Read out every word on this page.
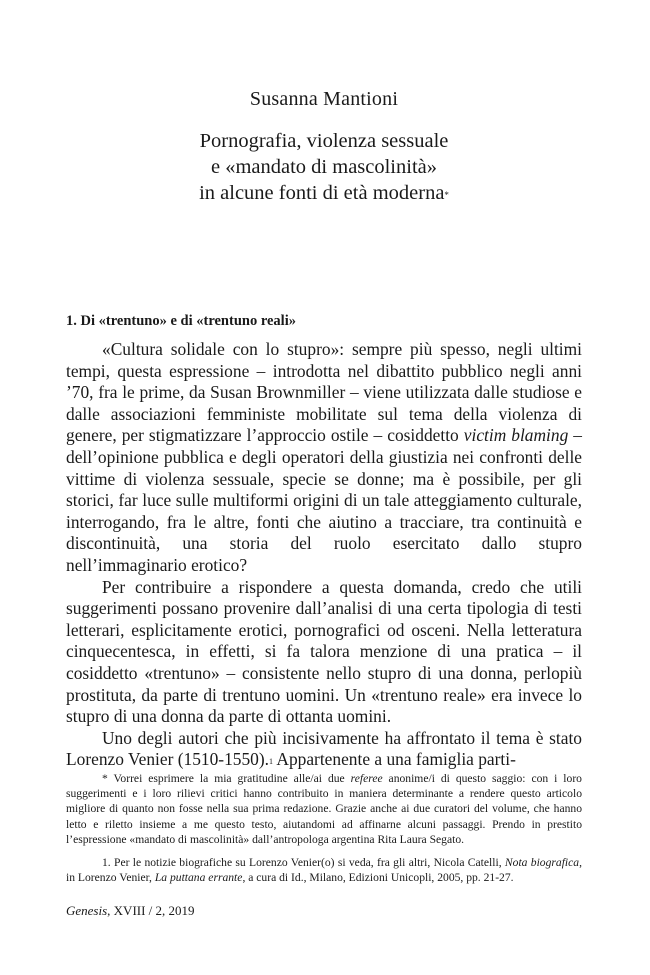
Susanna Mantioni
Pornografia, violenza sessuale
e «mandato di mascolinità»
in alcune fonti di età moderna*
1. Di «trentuno» e di «trentuno reali»

«Cultura solidale con lo stupro»: sempre più spesso, negli ultimi tempi, questa espressione – introdotta nel dibattito pubblico negli anni ’70, fra le prime, da Susan Brownmiller – viene utilizzata dalle studiose e dalle associazioni femministe mobilitate sul tema della violenza di genere, per stigmatizzare l’approccio ostile – cosiddetto victim blaming – dell’opinione pubblica e degli operatori della giustizia nei confronti delle vittime di violenza sessuale, specie se donne; ma è possibile, per gli storici, far luce sulle multiformi origini di un tale atteggiamento culturale, interrogando, fra le altre, fonti che aiutino a tracciare, tra continuità e discontinuità, una storia del ruolo esercitato dallo stupro nell’immaginario erotico?

Per contribuire a rispondere a questa domanda, credo che utili suggerimenti possano provenire dall’analisi di una certa tipologia di testi letterari, esplicitamente erotici, pornografici od osceni. Nella letteratura cinquecentesca, in effetti, si fa talora menzione di una pratica – il cosiddetto «trentuno» – consistente nello stupro di una donna, perlopiù prostituta, da parte di trentuno uomini. Un «trentuno reale» era invece lo stupro di una donna da parte di ottanta uomini.

Uno degli autori che più incisivamente ha affrontato il tema è stato Lorenzo Venier (1510-1550).$^1$ Appartenente a una famiglia parti-

* Vorrei esprimere la mia gratitudine alle/ai due referee anonime/i di questo saggio: con i loro suggerimenti e i loro rilievi critici hanno contribuito in maniera determinante a rendere questo articolo migliore di quanto non fosse nella sua prima redazione. Grazie anche ai due curatori del volume, che hanno letto e riletto insieme a me questo testo, aiutandomi ad affinarne alcuni passaggi. Prendo in prestito l’espressione «mandato di mascolinità» dall’antropologa argentina Rita Laura Segato.

1. Per le notizie biografiche su Lorenzo Venier(o) si veda, fra gli altri, Nicola Catelli, Nota biografica, in Lorenzo Venier, La puttana errante, a cura di Id., Milano, Edizioni Unicopli, 2005, pp. 21-27.

Genesis, XVIII / 2, 2019
